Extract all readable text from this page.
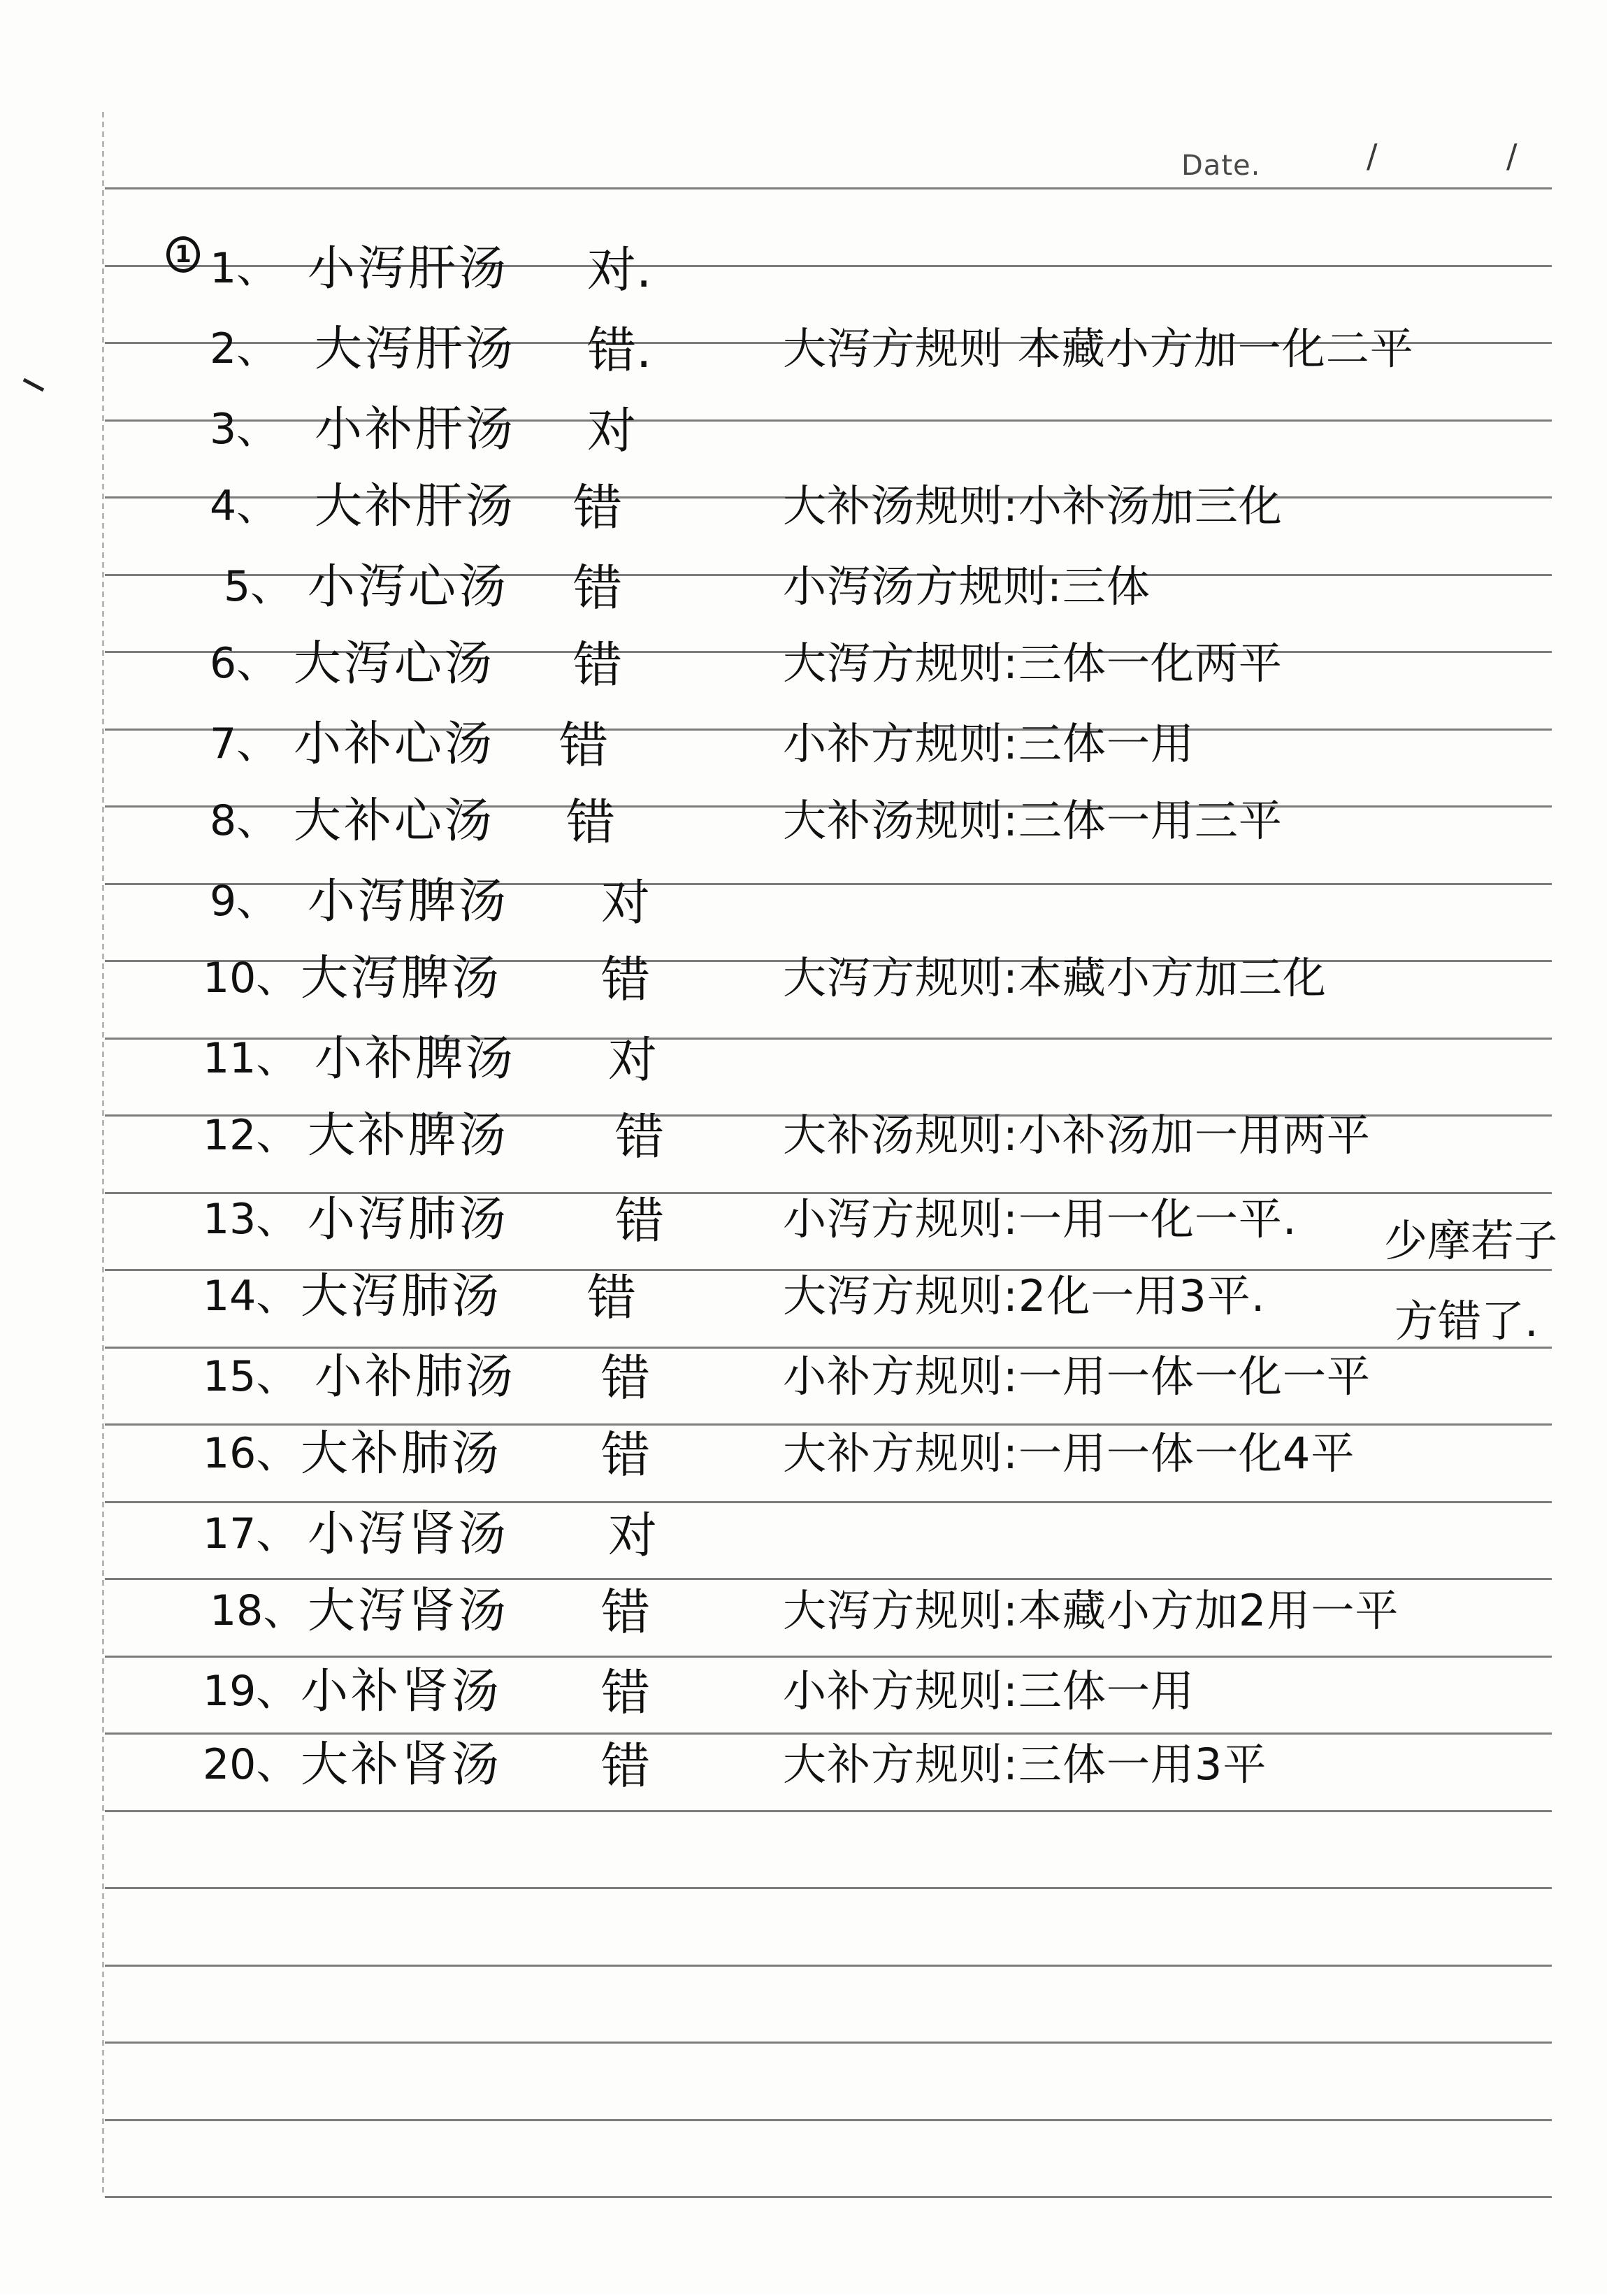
Date.	/	/
1 1、 小泻肝汤 对.
2、 大泻肝汤 错.	大泻方规则 本藏小方加一化二平
3、 小补肝汤 对
4、 大补肝汤 错	大补汤规则:小补汤加三化
5、 小泻心汤 错	小泻汤方规则:三体
6、 大泻心汤 错	大泻方规则:三体一化两平
7、 小补心汤 错	小补方规则:三体一用
8、 大补心汤 错	大补汤规则:三体一用三平
9、 小泻脾汤 对
10、 大泻脾汤 错	大泻方规则:本藏小方加三化
11、 小补脾汤 对
12、 大补脾汤 错	大补汤规则:小补汤加一用两平
13、 小泻肺汤 错	小泻方规则:一用一化一平.
14、 大泻肺汤 错	大泻方规则:2化一用3平.
15、 小补肺汤 错	小补方规则:一用一体一化一平
16、 大补肺汤 错	大补方规则:一用一体一化4平
17、 小泻肾汤 对
18、 大泻肾汤 错	大泻方规则:本藏小方加2用一平
19、 小补肾汤 错	小补方规则:三体一用
20、 大补肾汤 错	大补方规则:三体一用3平
少摩若子
方错了.
